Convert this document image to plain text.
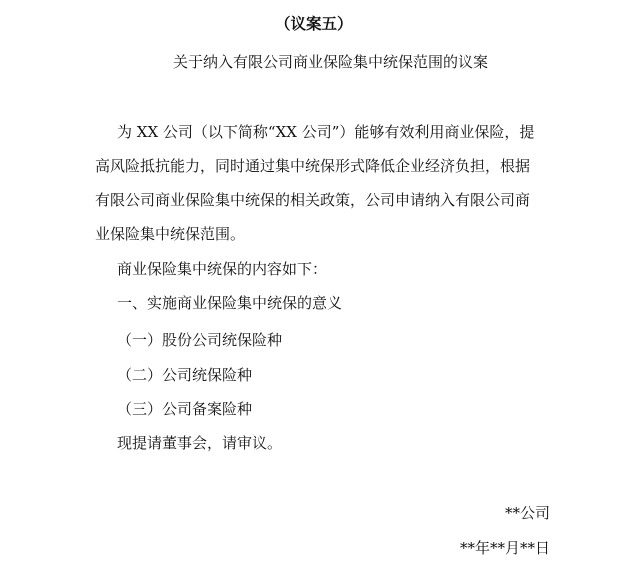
（议案五）
关于纳入有限公司商业保险集中统保范围的议案
为 XX 公司（以下简称“XX 公司”）能够有效利用商业保险，提
高风险抵抗能力，同时通过集中统保形式降低企业经济负担，根据
有限公司商业保险集中统保的相关政策，公司申请纳入有限公司商
业保险集中统保范围。
商业保险集中统保的内容如下：
一、实施商业保险集中统保的意义
（一）股份公司统保险种
（二）公司统保险种
（三）公司备案险种
现提请董事会，请审议。
**公司
**年**月**日
